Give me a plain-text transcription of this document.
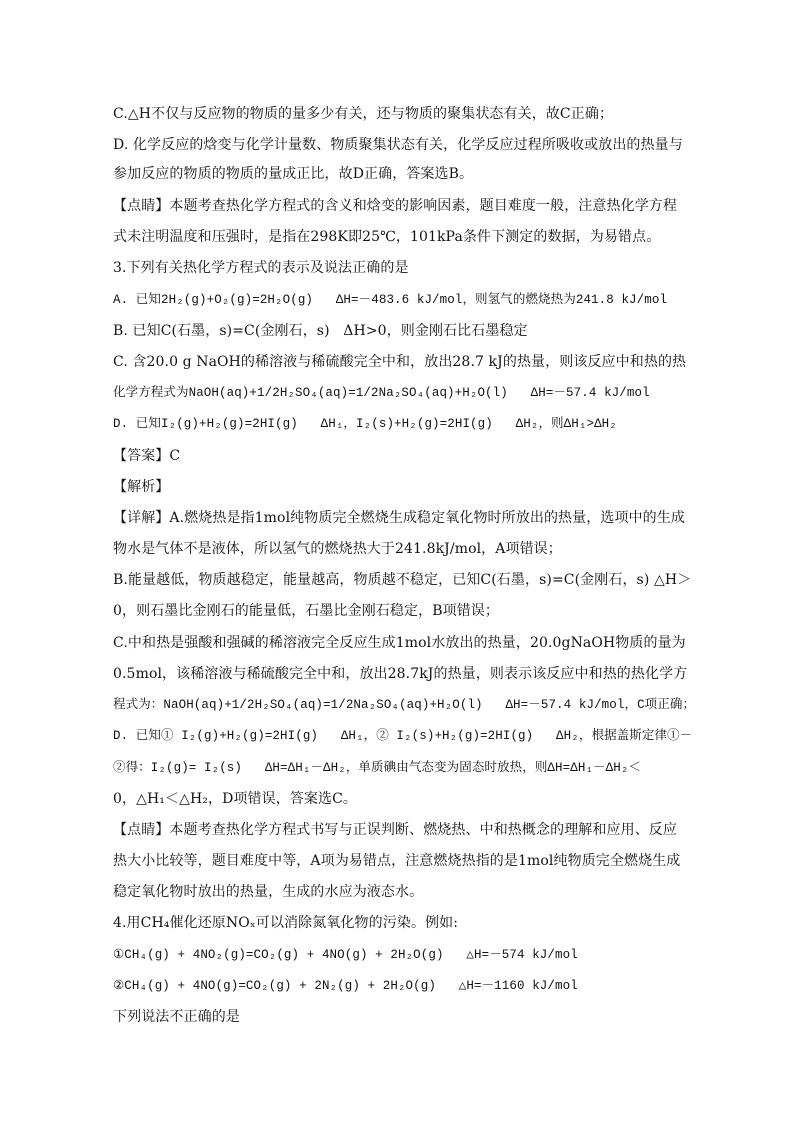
C.△H不仅与反应物的物质的量多少有关，还与物质的聚集状态有关，故C正确；
D. 化学反应的焓变与化学计量数、物质聚集状态有关，化学反应过程所吸收或放出的热量与
参加反应的物质的物质的量成正比，故D正确，答案选B。
【点睛】本题考查热化学方程式的含义和焓变的影响因素，题目难度一般，注意热化学方程
式未注明温度和压强时，是指在298K即25℃，101kPa条件下测定的数据，为易错点。
3.下列有关热化学方程式的表示及说法正确的是
A. 已知2H₂(g)+O₂(g)=2H₂O(g)   ΔH=－483.6 kJ/mol，则氢气的燃烧热为241.8 kJ/mol
B. 已知C(石墨，s)=C(金刚石，s)   ΔH>0，则金刚石比石墨稳定
C. 含20.0 g NaOH的稀溶液与稀硫酸完全中和，放出28.7 kJ的热量，则该反应中和热的热
化学方程式为NaOH(aq)+1/2H₂SO₄(aq)=1/2Na₂SO₄(aq)+H₂O(l)   ΔH=－57.4 kJ/mol
D. 已知I₂(g)+H₂(g)=2HI(g)   ΔH₁，I₂(s)+H₂(g)=2HI(g)   ΔH₂，则ΔH₁>ΔH₂
【答案】C
【解析】
【详解】A.燃烧热是指1mol纯物质完全燃烧生成稳定氧化物时所放出的热量，选项中的生成
物水是气体不是液体，所以氢气的燃烧热大于241.8kJ/mol，A项错误；
B.能量越低，物质越稳定，能量越高，物质越不稳定，已知C(石墨，s)=C(金刚石，s) △H＞
0，则石墨比金刚石的能量低，石墨比金刚石稳定，B项错误；
C.中和热是强酸和强碱的稀溶液完全反应生成1mol水放出的热量，20.0gNaOH物质的量为
0.5mol，该稀溶液与稀硫酸完全中和，放出28.7kJ的热量，则表示该反应中和热的热化学方
程式为：NaOH(aq)+1/2H₂SO₄(aq)=1/2Na₂SO₄(aq)+H₂O(l)   ΔH=－57.4 kJ/mol，C项正确；
D. 已知① I₂(g)+H₂(g)=2HI(g)   ΔH₁，② I₂(s)+H₂(g)=2HI(g)   ΔH₂，根据盖斯定律①－
②得：I₂(g)= I₂(s)   ΔH=ΔH₁－ΔH₂，单质碘由气态变为固态时放热，则ΔH=ΔH₁－ΔH₂＜
0，△H₁＜△H₂，D项错误，答案选C。
【点睛】本题考查热化学方程式书写与正误判断、燃烧热、中和热概念的理解和应用、反应
热大小比较等，题目难度中等，A项为易错点，注意燃烧热指的是1mol纯物质完全燃烧生成
稳定氧化物时放出的热量，生成的水应为液态水。
4.用CH₄催化还原NOₓ可以消除氮氧化物的污染。例如:
①CH₄(g) + 4NO₂(g)=CO₂(g) + 4NO(g) + 2H₂O(g)   △H=－574 kJ/mol
②CH₄(g) + 4NO(g)=CO₂(g) + 2N₂(g) + 2H₂O(g)   △H=－1160 kJ/mol
下列说法不正确的是
